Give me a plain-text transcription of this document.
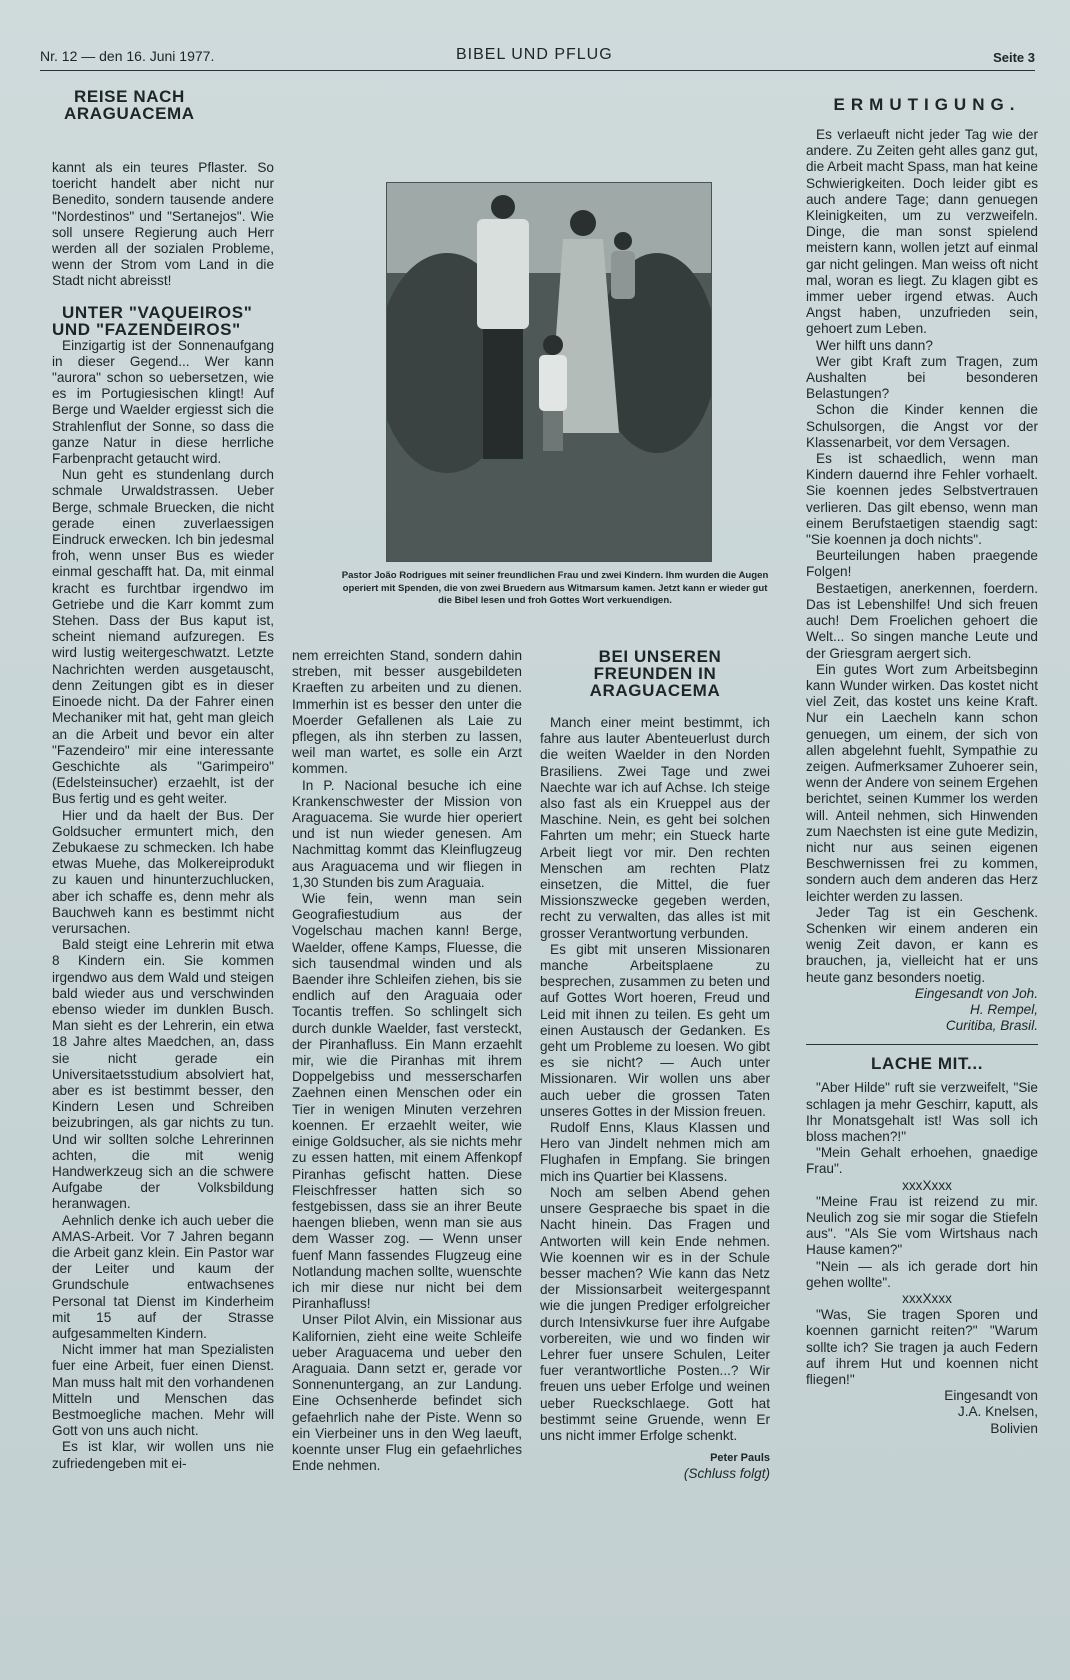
Nr. 12 — den 16. Juni 1977.	BIBEL UND PFLUG	Seite 3

REISE NACH ARAGUACEMA

kannt als ein teures Pflaster. So toericht handelt aber nicht nur Benedito, sondern tausende andere "Nordestinos" und "Sertanejos". Wie soll unsere Regierung auch Herr werden all der sozialen Probleme, wenn der Strom vom Land in die Stadt nicht abreisst!

UNTER "VAQUEIROS" UND "FAZENDEIROS"

Einzigartig ist der Sonnenaufgang in dieser Gegend... Wer kann "aurora" schon so uebersetzen, wie es im Portugiesischen klingt! Auf Berge und Waelder ergiesst sich die Strahlenflut der Sonne, so dass die ganze Natur in diese herrliche Farbenpracht getaucht wird.

Nun geht es stundenlang durch schmale Urwaldstrassen. Ueber Berge, schmale Bruecken, die nicht gerade einen zuverlaessigen Eindruck erwecken. Ich bin jedesmal froh, wenn unser Bus es wieder einmal geschafft hat. Da, mit einmal kracht es furchtbar irgendwo im Getriebe und die Karr kommt zum Stehen. Dass der Bus kaput ist, scheint niemand aufzuregen. Es wird lustig weitergeschwatzt. Letzte Nachrichten werden ausgetauscht, denn Zeitungen gibt es in dieser Einoede nicht. Da der Fahrer einen Mechaniker mit hat, geht man gleich an die Arbeit und bevor ein alter "Fazendeiro" mir eine interessante Geschichte als "Garimpeiro" (Edelsteinsucher) erzaehlt, ist der Bus fertig und es geht weiter.

Hier und da haelt der Bus. Der Goldsucher ermuntert mich, den Zebukaese zu schmecken. Ich habe etwas Muehe, das Molkereiprodukt zu kauen und hinunterzuchlucken, aber ich schaffe es, denn mehr als Bauchweh kann es bestimmt nicht verursachen.

Bald steigt eine Lehrerin mit etwa 8 Kindern ein. Sie kommen irgendwo aus dem Wald und steigen bald wieder aus und verschwinden ebenso wieder im dunklen Busch. Man sieht es der Lehrerin, ein etwa 18 Jahre altes Maedchen, an, dass sie nicht gerade ein Universitaetsstudium absolviert hat, aber es ist bestimmt besser, den Kindern Lesen und Schreiben beizubringen, als gar nichts zu tun. Und wir sollten solche Lehrerinnen achten, die mit wenig Handwerkzeug sich an die schwere Aufgabe der Volksbildung heranwagen.

Aehnlich denke ich auch ueber die AMAS-Arbeit. Vor 7 Jahren begann die Arbeit ganz klein. Ein Pastor war der Leiter und kaum der Grundschule entwachsenes Personal tat Dienst im Kinderheim mit 15 auf der Strasse aufgesammelten Kindern.

Nicht immer hat man Spezialisten fuer eine Arbeit, fuer einen Dienst. Man muss halt mit den vorhandenen Mitteln und Menschen das Bestmoegliche machen. Mehr will Gott von uns auch nicht.

Es ist klar, wir wollen uns nie zufriedengeben mit ei-

Pastor João Rodrigues mit seiner freundlichen Frau und zwei Kindern. Ihm wurden die Augen operiert mit Spenden, die von zwei Bruedern aus Witmarsum kamen. Jetzt kann er wieder gut die Bibel lesen und froh Gottes Wort verkuendigen.

nem erreichten Stand, sondern dahin streben, mit besser ausgebildeten Kraeften zu arbeiten und zu dienen. Immerhin ist es besser den unter die Moerder Gefallenen als Laie zu pflegen, als ihn sterben zu lassen, weil man wartet, es solle ein Arzt kommen.

In P. Nacional besuche ich eine Krankenschwester der Mission von Araguacema. Sie wurde hier operiert und ist nun wieder genesen. Am Nachmittag kommt das Kleinflugzeug aus Araguacema und wir fliegen in 1,30 Stunden bis zum Araguaia.

Wie fein, wenn man sein Geografiestudium aus der Vogelschau machen kann! Berge, Waelder, offene Kamps, Fluesse, die sich tausendmal winden und als Baender ihre Schleifen ziehen, bis sie endlich auf den Araguaia oder Tocantis treffen. So schlingelt sich durch dunkle Waelder, fast versteckt, der Piranhafluss. Ein Mann erzaehlt mir, wie die Piranhas mit ihrem Doppelgebiss und messerscharfen Zaehnen einen Menschen oder ein Tier in wenigen Minuten verzehren koennen. Er erzaehlt weiter, wie einige Goldsucher, als sie nichts mehr zu essen hatten, mit einem Affenkopf Piranhas gefischt hatten. Diese Fleischfresser hatten sich so festgebissen, dass sie an ihrer Beute haengen blieben, wenn man sie aus dem Wasser zog. — Wenn unser fuenf Mann fassendes Flugzeug eine Notlandung machen sollte, wuenschte ich mir diese nur nicht bei dem Piranhafluss!

Unser Pilot Alvin, ein Missionar aus Kalifornien, zieht eine weite Schleife ueber Araguacema und ueber den Araguaia. Dann setzt er, gerade vor Sonnenuntergang, an zur Landung. Eine Ochsenherde befindet sich gefaehrlich nahe der Piste. Wenn so ein Vierbeiner uns in den Weg laeuft, koennte unser Flug ein gefaehrliches Ende nehmen.

BEI UNSEREN FREUNDEN IN ARAGUACEMA

Manch einer meint bestimmt, ich fahre aus lauter Abenteuerlust durch die weiten Waelder in den Norden Brasiliens. Zwei Tage und zwei Naechte war ich auf Achse. Ich steige also fast als ein Krueppel aus der Maschine. Nein, es geht bei solchen Fahrten um mehr; ein Stueck harte Arbeit liegt vor mir. Den rechten Menschen am rechten Platz einsetzen, die Mittel, die fuer Missionszwecke gegeben werden, recht zu verwalten, das alles ist mit grosser Verantwortung verbunden.

Es gibt mit unseren Missionaren manche Arbeitsplaene zu besprechen, zusammen zu beten und auf Gottes Wort hoeren, Freud und Leid mit ihnen zu teilen. Es geht um einen Austausch der Gedanken. Es geht um Probleme zu loesen. Wo gibt es sie nicht? — Auch unter Missionaren. Wir wollen uns aber auch ueber die grossen Taten unseres Gottes in der Mission freuen.

Rudolf Enns, Klaus Klassen und Hero van Jindelt nehmen mich am Flughafen in Empfang. Sie bringen mich ins Quartier bei Klassens.

Noch am selben Abend gehen unsere Gespraeche bis spaet in die Nacht hinein. Das Fragen und Antworten will kein Ende nehmen. Wie koennen wir es in der Schule besser machen? Wie kann das Netz der Missionsarbeit weitergespannt wie die jungen Prediger erfolgreicher durch Intensivkurse fuer ihre Aufgabe vorbereiten, wie und wo finden wir Lehrer fuer unsere Schulen, Leiter fuer verantwortliche Posten...? Wir freuen uns ueber Erfolge und weinen ueber Rueckschlaege. Gott hat bestimmt seine Gruende, wenn Er uns nicht immer Erfolge schenkt.

Peter Pauls

(Schluss folgt)

ERMUTIGUNG.

Es verlaeuft nicht jeder Tag wie der andere. Zu Zeiten geht alles ganz gut, die Arbeit macht Spass, man hat keine Schwierigkeiten. Doch leider gibt es auch andere Tage; dann genuegen Kleinigkeiten, um zu verzweifeln. Dinge, die man sonst spielend meistern kann, wollen jetzt auf einmal gar nicht gelingen. Man weiss oft nicht mal, woran es liegt. Zu klagen gibt es immer ueber irgend etwas. Auch Angst haben, unzufrieden sein, gehoert zum Leben.

Wer hilft uns dann?

Wer gibt Kraft zum Tragen, zum Aushalten bei besonderen Belastungen?

Schon die Kinder kennen die Schulsorgen, die Angst vor der Klassenarbeit, vor dem Versagen.

Es ist schaedlich, wenn man Kindern dauernd ihre Fehler vorhaelt. Sie koennen jedes Selbstvertrauen verlieren. Das gilt ebenso, wenn man einem Berufstaetigen staendig sagt: "Sie koennen ja doch nichts".

Beurteilungen haben praegende Folgen!

Bestaetigen, anerkennen, foerdern. Das ist Lebenshilfe! Und sich freuen auch! Dem Froelichen gehoert die Welt... So singen manche Leute und der Griesgram aergert sich.

Ein gutes Wort zum Arbeitsbeginn kann Wunder wirken. Das kostet nicht viel Zeit, das kostet uns keine Kraft. Nur ein Laecheln kann schon genuegen, um einem, der sich von allen abgelehnt fuehlt, Sympathie zu zeigen. Aufmerksamer Zuhoerer sein, wenn der Andere von seinem Ergehen berichtet, seinen Kummer los werden will. Anteil nehmen, sich Hinwenden zum Naechsten ist eine gute Medizin, nicht nur aus seinen eigenen Beschwernissen frei zu kommen, sondern auch dem anderen das Herz leichter werden zu lassen.

Jeder Tag ist ein Geschenk. Schenken wir einem anderen ein wenig Zeit davon, er kann es brauchen, ja, vielleicht hat er uns heute ganz besonders noetig.

Eingesandt von Joh.

H. Rempel,

Curitiba, Brasil.

LACHE MIT...

"Aber Hilde" ruft sie verzweifelt, "Sie schlagen ja mehr Geschirr, kaputt, als Ihr Monatsgehalt ist! Was soll ich bloss machen?!"

"Mein Gehalt erhoehen, gnaedige Frau".

xxxXxxx

"Meine Frau ist reizend zu mir. Neulich zog sie mir sogar die Stiefeln aus". "Als Sie vom Wirtshaus nach Hause kamen?"

"Nein — als ich gerade dort hin gehen wollte".

xxxXxxx

"Was, Sie tragen Sporen und koennen garnicht reiten?" "Warum sollte ich? Sie tragen ja auch Federn auf ihrem Hut und koennen nicht fliegen!"

Eingesandt von

J.A. Knelsen,

Bolivien
